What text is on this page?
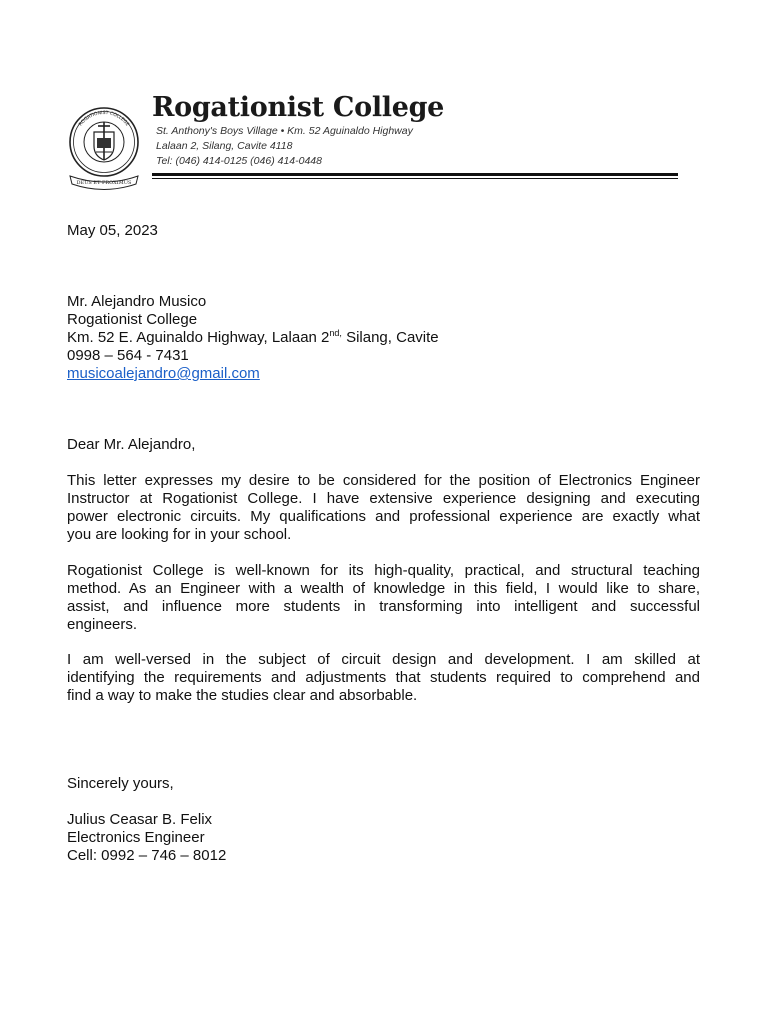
ROGATIONIST COLLEGE
DEUS ET PROXIMUS
Rogationist College
St. Anthony's Boys Village • Km. 52 Aguinaldo Highway
Lalaan 2, Silang, Cavite 4118
Tel: (046) 414-0125 (046) 414-0448
May 05, 2023
Mr. Alejandro Musico
Rogationist College
Km. 52 E. Aguinaldo Highway, Lalaan $2^{nd,}$ Silang, Cavite
0998 – 564 - 7431
musicoalejandro@gmail.com
Dear Mr. Alejandro,
This letter expresses my desire to be considered for the position of Electronics Engineer
Instructor at Rogationist College. I have extensive experience designing and executing
power electronic circuits. My qualifications and professional experience are exactly what
you are looking for in your school.
Rogationist College is well-known for its high-quality, practical, and structural teaching
method. As an Engineer with a wealth of knowledge in this field, I would like to share,
assist, and influence more students in transforming into intelligent and successful
engineers.
I am well-versed in the subject of circuit design and development. I am skilled at
identifying the requirements and adjustments that students required to comprehend and
find a way to make the studies clear and absorbable.
Sincerely yours,
Julius Ceasar B. Felix
Electronics Engineer
Cell: 0992 – 746 – 8012
